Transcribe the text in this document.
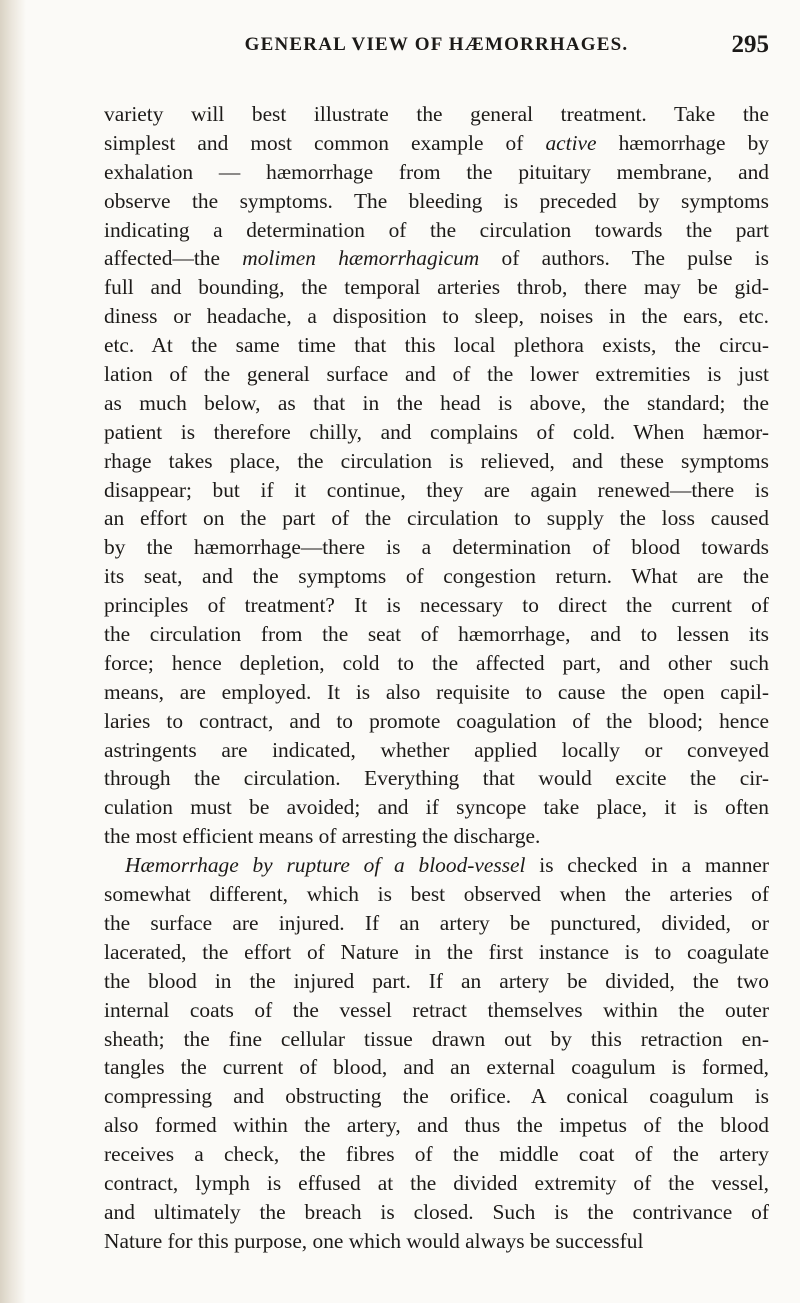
GENERAL VIEW OF HÆMORRHAGES.	295
variety will best illustrate the general treatment. Take the
simplest and most common example of active hæmorrhage by
exhalation — hæmorrhage from the pituitary membrane, and
observe the symptoms. The bleeding is preceded by symptoms
indicating a determination of the circulation towards the part
affected—the molimen hæmorrhagicum of authors. The pulse is
full and bounding, the temporal arteries throb, there may be gid-
diness or headache, a disposition to sleep, noises in the ears, etc.
etc. At the same time that this local plethora exists, the circu-
lation of the general surface and of the lower extremities is just
as much below, as that in the head is above, the standard; the
patient is therefore chilly, and complains of cold. When hæmor-
rhage takes place, the circulation is relieved, and these symptoms
disappear; but if it continue, they are again renewed—there is
an effort on the part of the circulation to supply the loss caused
by the hæmorrhage—there is a determination of blood towards
its seat, and the symptoms of congestion return. What are the
principles of treatment? It is necessary to direct the current of
the circulation from the seat of hæmorrhage, and to lessen its
force; hence depletion, cold to the affected part, and other such
means, are employed. It is also requisite to cause the open capil-
laries to contract, and to promote coagulation of the blood; hence
astringents are indicated, whether applied locally or conveyed
through the circulation. Everything that would excite the cir-
culation must be avoided; and if syncope take place, it is often
the most efficient means of arresting the discharge.
Hæmorrhage by rupture of a blood-vessel is checked in a manner
somewhat different, which is best observed when the arteries of
the surface are injured. If an artery be punctured, divided, or
lacerated, the effort of Nature in the first instance is to coagulate
the blood in the injured part. If an artery be divided, the two
internal coats of the vessel retract themselves within the outer
sheath; the fine cellular tissue drawn out by this retraction en-
tangles the current of blood, and an external coagulum is formed,
compressing and obstructing the orifice. A conical coagulum is
also formed within the artery, and thus the impetus of the blood
receives a check, the fibres of the middle coat of the artery
contract, lymph is effused at the divided extremity of the vessel,
and ultimately the breach is closed. Such is the contrivance of
Nature for this purpose, one which would always be successful
